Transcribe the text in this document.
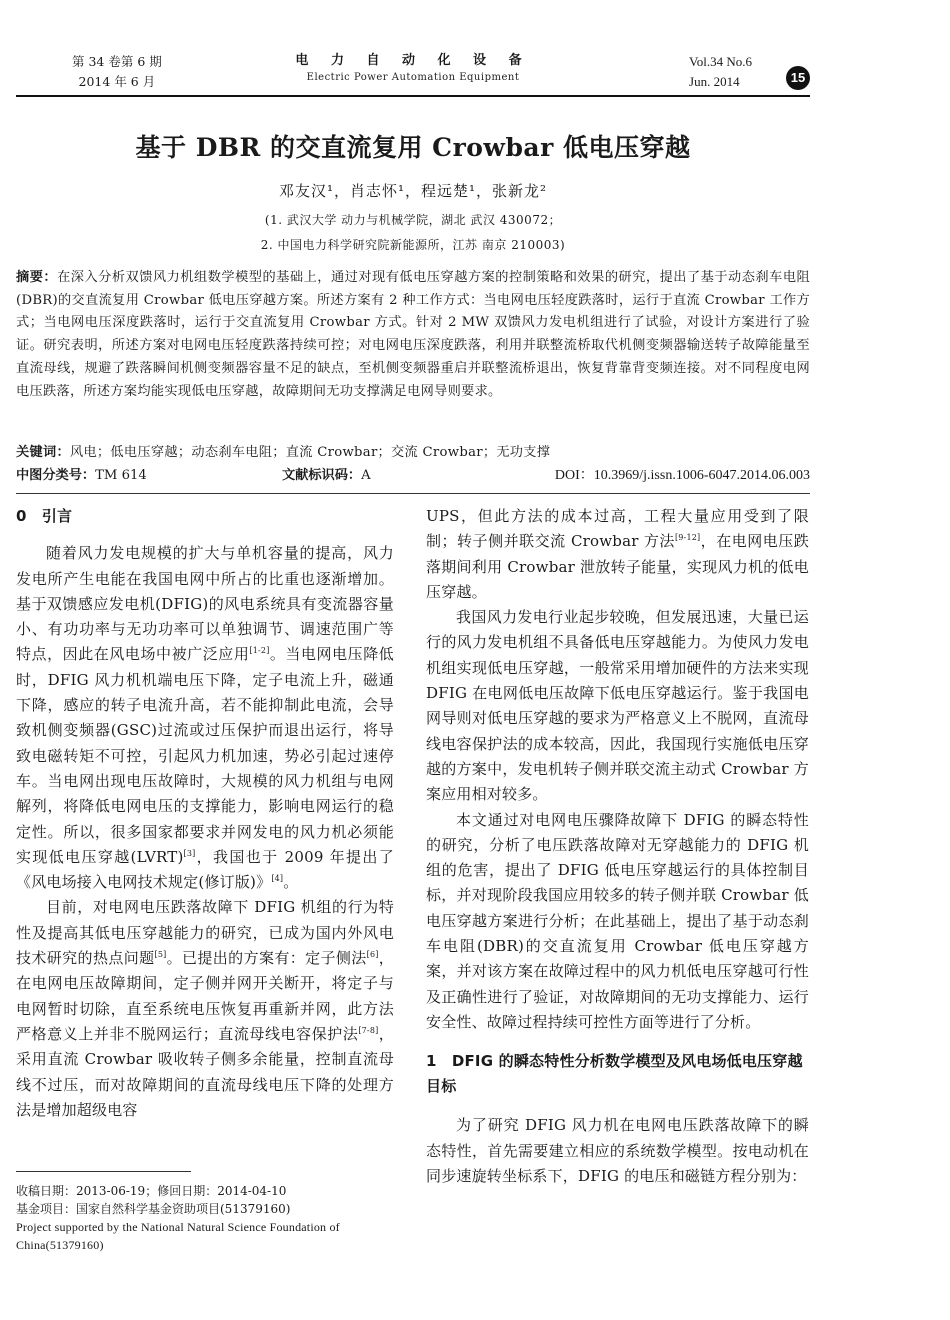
第 34 卷第 6 期
2014 年 6 月
电 力 自 动 化 设 备
Electric Power Automation Equipment
Vol.34 No.6
Jun. 2014	15
基于 DBR 的交直流复用 Crowbar 低电压穿越
邓友汉¹，肖志怀¹，程远楚¹，张新龙²
(1. 武汉大学 动力与机械学院，湖北 武汉 430072；
2. 中国电力科学研究院新能源所，江苏 南京 210003)
摘要：在深入分析双馈风力机组数学模型的基础上，通过对现有低电压穿越方案的控制策略和效果的研究，提出了基于动态刹车电阻(DBR)的交直流复用 Crowbar 低电压穿越方案。所述方案有 2 种工作方式：当电网电压轻度跌落时，运行于直流 Crowbar 工作方式；当电网电压深度跌落时，运行于交直流复用 Crowbar 方式。针对 2 MW 双馈风力发电机组进行了试验，对设计方案进行了验证。研究表明，所述方案对电网电压轻度跌落持续可控；对电网电压深度跌落，利用并联整流桥取代机侧变频器输送转子故障能量至直流母线，规避了跌落瞬间机侧变频器容量不足的缺点，至机侧变频器重启并联整流桥退出，恢复背靠背变频连接。对不同程度电网电压跌落，所述方案均能实现低电压穿越，故障期间无功支撑满足电网导则要求。
关键词：风电；低电压穿越；动态刹车电阻；直流 Crowbar；交流 Crowbar；无功支撑
中图分类号：TM 614	文献标识码：A	DOI：10.3969/j.issn.1006-6047.2014.06.003
0　引言

随着风力发电规模的扩大与单机容量的提高，风力发电所产生电能在我国电网中所占的比重也逐渐增加。基于双馈感应发电机(DFIG)的风电系统具有变流器容量小、有功功率与无功功率可以单独调节、调速范围广等特点，因此在风电场中被广泛应用[1-2]。当电网电压降低时，DFIG 风力机机端电压下降，定子电流上升，磁通下降，感应的转子电流升高，若不能抑制此电流，会导致机侧变频器(GSC)过流或过压保护而退出运行，将导致电磁转矩不可控，引起风力机加速，势必引起过速停车。当电网出现电压故障时，大规模的风力机组与电网解列，将降低电网电压的支撑能力，影响电网运行的稳定性。所以，很多国家都要求并网发电的风力机必须能实现低电压穿越(LVRT)[3]，我国也于 2009 年提出了《风电场接入电网技术规定(修订版)》[4]。

目前，对电网电压跌落故障下 DFIG 机组的行为特性及提高其低电压穿越能力的研究，已成为国内外风电技术研究的热点问题[5]。已提出的方案有：定子侧法[6]，在电网电压故障期间，定子侧并网开关断开，将定子与电网暂时切除，直至系统电压恢复再重新并网，此方法严格意义上并非不脱网运行；直流母线电容保护法[7-8]，采用直流 Crowbar 吸收转子侧多余能量，控制直流母线不过压，而对故障期间的直流母线电压下降的处理方法是增加超级电容

UPS，但此方法的成本过高，工程大量应用受到了限制；转子侧并联交流 Crowbar 方法[9-12]，在电网电压跌落期间利用 Crowbar 泄放转子能量，实现风力机的低电压穿越。

我国风力发电行业起步较晚，但发展迅速，大量已运行的风力发电机组不具备低电压穿越能力。为使风力发电机组实现低电压穿越，一般常采用增加硬件的方法来实现 DFIG 在电网低电压故障下低电压穿越运行。鉴于我国电网导则对低电压穿越的要求为严格意义上不脱网，直流母线电容保护法的成本较高，因此，我国现行实施低电压穿越的方案中，发电机转子侧并联交流主动式 Crowbar 方案应用相对较多。

本文通过对电网电压骤降故障下 DFIG 的瞬态特性的研究，分析了电压跌落故障对无穿越能力的 DFIG 机组的危害，提出了 DFIG 低电压穿越运行的具体控制目标，并对现阶段我国应用较多的转子侧并联 Crowbar 低电压穿越方案进行分析；在此基础上，提出了基于动态刹车电阻(DBR)的交直流复用 Crowbar 低电压穿越方案，并对该方案在故障过程中的风力机低电压穿越可行性及正确性进行了验证，对故障期间的无功支撑能力、运行安全性、故障过程持续可控性方面等进行了分析。

1　DFIG 的瞬态特性分析数学模型及风电场低电压穿越目标

为了研究 DFIG 风力机在电网电压跌落故障下的瞬态特性，首先需要建立相应的系统数学模型。按电动机在同步速旋转坐标系下，DFIG 的电压和磁链方程分别为：

收稿日期：2013-06-19；修回日期：2014-04-10
基金项目：国家自然科学基金资助项目(51379160)
Project supported by the National Natural Science Foundation of China(51379160)
